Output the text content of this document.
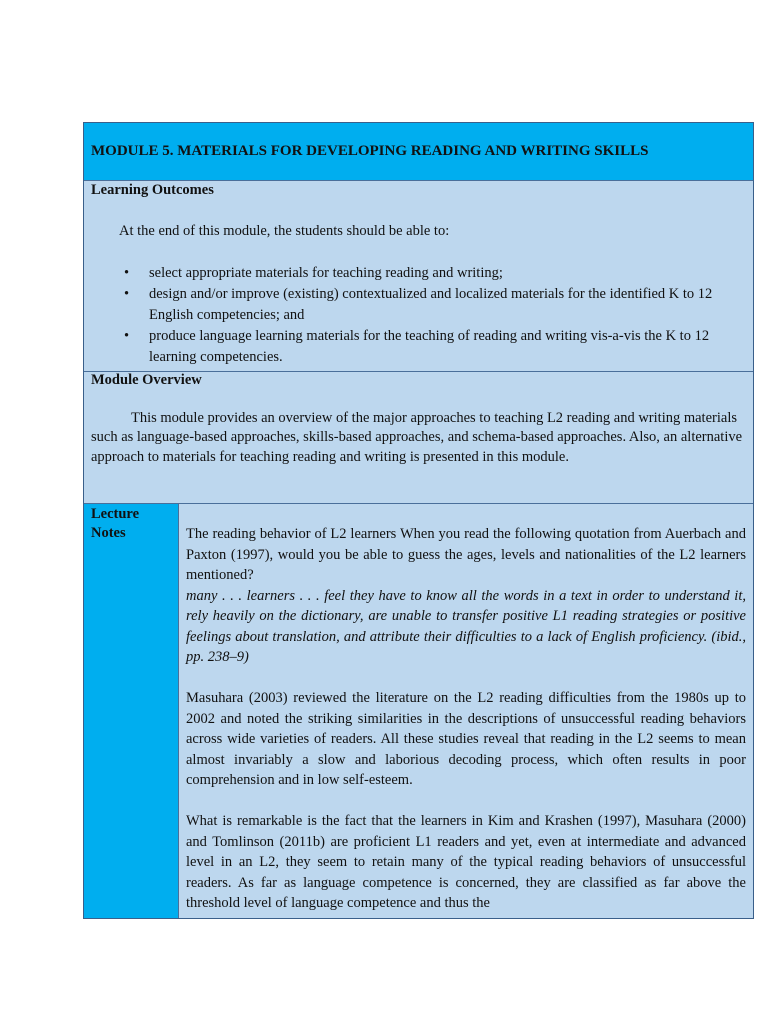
MODULE 5. MATERIALS FOR DEVELOPING READING AND WRITING SKILLS

Learning Outcomes

At the end of this module, the students should be able to:
• select appropriate materials for teaching reading and writing;
• design and/or improve (existing) contextualized and localized materials for the identified K to 12 English competencies; and
• produce language learning materials for the teaching of reading and writing vis-a-vis the K to 12 learning competencies.

Module Overview

This module provides an overview of the major approaches to teaching L2 reading and writing materials such as language-based approaches, skills-based approaches, and schema-based approaches. Also, an alternative approach to materials for teaching reading and writing is presented in this module.

Lecture Notes	The reading behavior of L2 learners When you read the following quotation from Auerbach and Paxton (1997), would you be able to guess the ages, levels and nationalities of the L2 learners mentioned?
many . . . learners . . . feel they have to know all the words in a text in order to understand it, rely heavily on the dictionary, are unable to transfer positive L1 reading strategies or positive feelings about translation, and attribute their difficulties to a lack of English proficiency. (ibid., pp. 238–9)

Masuhara (2003) reviewed the literature on the L2 reading difficulties from the 1980s up to 2002 and noted the striking similarities in the descriptions of unsuccessful reading behaviors across wide varieties of readers. All these studies reveal that reading in the L2 seems to mean almost invariably a slow and laborious decoding process, which often results in poor comprehension and in low self-esteem.

What is remarkable is the fact that the learners in Kim and Krashen (1997), Masuhara (2000) and Tomlinson (2011b) are proficient L1 readers and yet, even at intermediate and advanced level in an L2, they seem to retain many of the typical reading behaviors of unsuccessful readers. As far as language competence is concerned, they are classified as far above the threshold level of language competence and thus the
